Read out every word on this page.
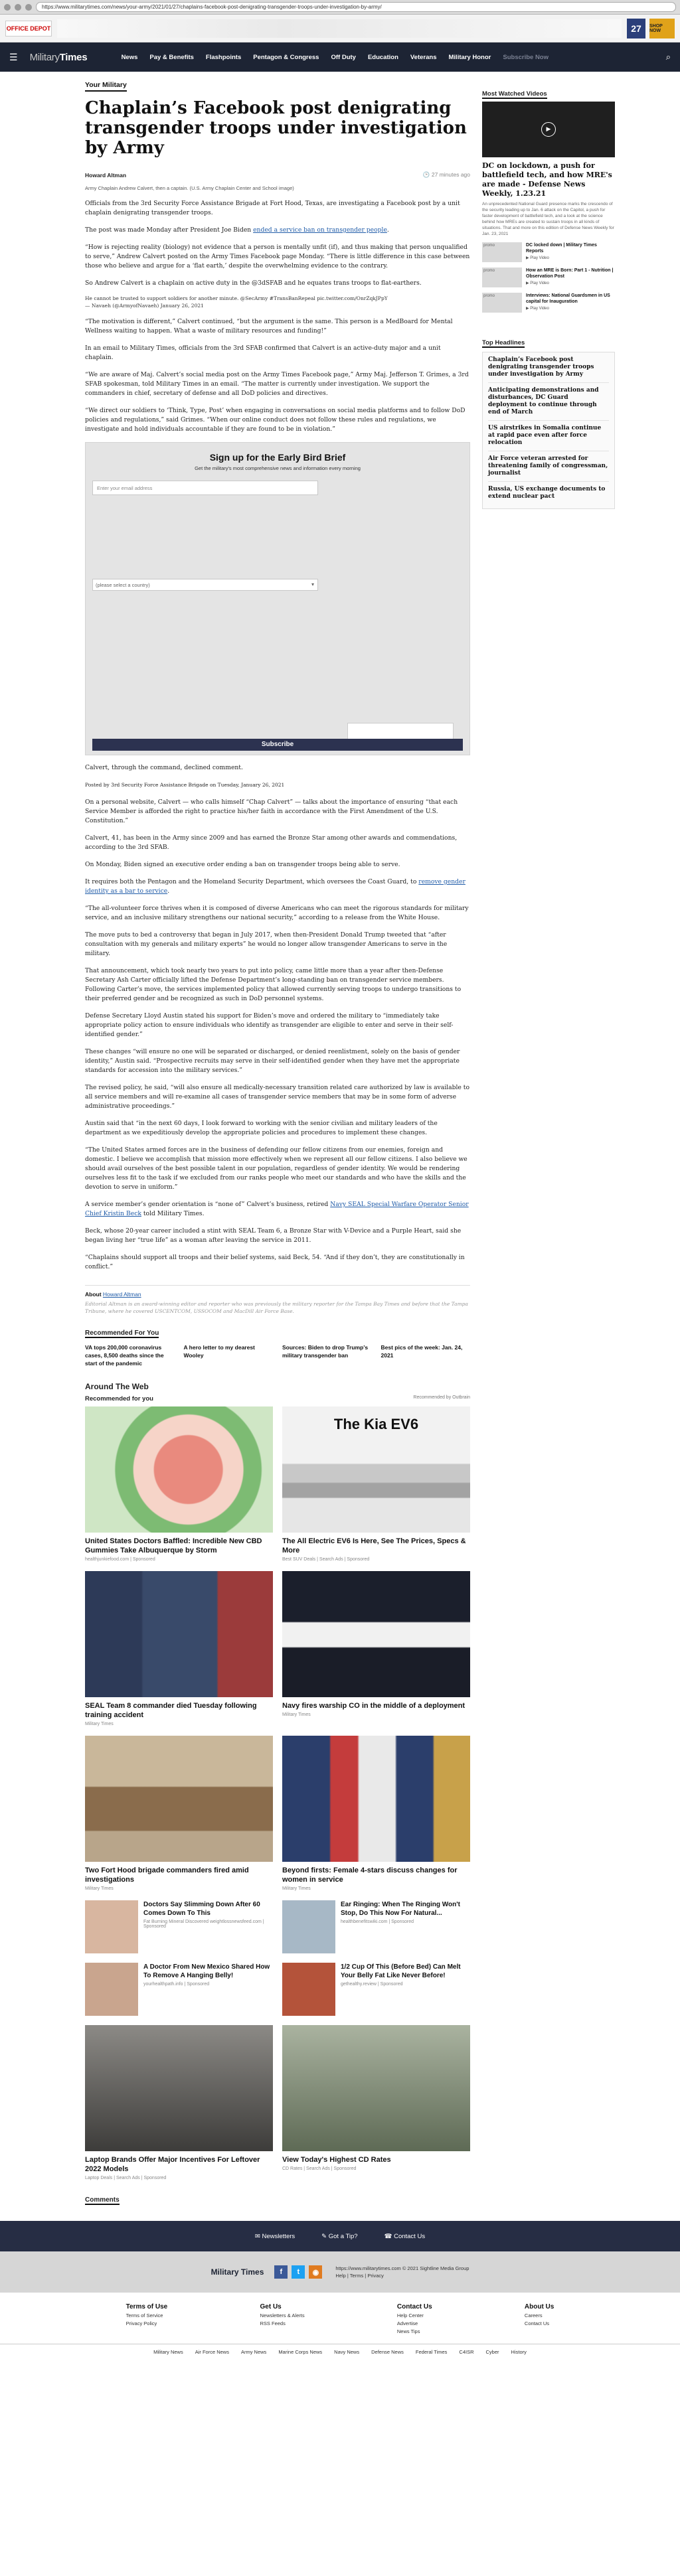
https://www.militarytimes.com/news/your-army/2021/01/27/chaplains-facebook-post-denigrating-transgender-troops-under-investigation-by-army/
OFFICE DEPOT	27	SHOP NOW
☰ MilitaryTimes	News Pay & Benefits Flashpoints Pentagon & Congress Off Duty Education Veterans Military Honor Subscribe Now	⌕
Your Military
Chaplain’s Facebook post denigrating transgender troops under investigation by Army
Howard Altman	🕑 27 minutes ago
Army Chaplain Andrew Calvert, then a captain. (U.S. Army Chaplain Center and School image)

Officials from the 3rd Security Force Assistance Brigade at Fort Hood, Texas, are investigating a Facebook post by a unit chaplain denigrating transgender troops.

The post was made Monday after President Joe Biden ended a service ban on transgender people.

“How is rejecting reality (biology) not evidence that a person is mentally unfit (if), and thus making that person unqualified to serve,” Andrew Calvert posted on the Army Times Facebook page Monday. “There is little difference in this case between those who believe and argue for a ‘flat earth,’ despite the overwhelming evidence to the contrary.

So Andrew Calvert is a chaplain on active duty in the @3dSFAB and he equates trans troops to flat-earthers.

He cannot be trusted to support soldiers for another minute. @SecArmy #TransBanRepeal pic.twitter.com/OnrZqkJPpY
— Navaeh (@ArmyofNavaeh) January 26, 2021

“The motivation is different,” Calvert continued, “but the argument is the same. This person is a MedBoard for Mental Wellness waiting to happen. What a waste of military resources and funding!”

In an email to Military Times, officials from the 3rd SFAB confirmed that Calvert is an active-duty major and a unit chaplain.

“We are aware of Maj. Calvert’s social media post on the Army Times Facebook page,” Army Maj. Jefferson T. Grimes, a 3rd SFAB spokesman, told Military Times in an email. “The matter is currently under investigation. We support the commanders in chief, secretary of defense and all DoD policies and directives.

“We direct our soldiers to ‘Think, Type, Post’ when engaging in conversations on social media platforms and to follow DoD policies and regulations,” said Grimes. “When our online conduct does not follow these rules and regulations, we investigate and hold individuals accountable if they are found to be in violation.”

Sign up for the Early Bird Brief
Get the military's most comprehensive news and information every morning
Enter your email address
(please select a country) ▾
Subscribe

Calvert, through the command, declined comment.

Posted by 3rd Security Force Assistance Brigade on Tuesday, January 26, 2021

On a personal website, Calvert — who calls himself “Chap Calvert” — talks about the importance of ensuring “that each Service Member is afforded the right to practice his/her faith in accordance with the First Amendment of the U.S. Constitution.”

Calvert, 41, has been in the Army since 2009 and has earned the Bronze Star among other awards and commendations, according to the 3rd SFAB.

On Monday, Biden signed an executive order ending a ban on transgender troops being able to serve.

It requires both the Pentagon and the Homeland Security Department, which oversees the Coast Guard, to remove gender identity as a bar to service.

“The all-volunteer force thrives when it is composed of diverse Americans who can meet the rigorous standards for military service, and an inclusive military strengthens our national security,” according to a release from the White House.

The move puts to bed a controversy that began in July 2017, when then-President Donald Trump tweeted that “after consultation with my generals and military experts” he would no longer allow transgender Americans to serve in the military.

That announcement, which took nearly two years to put into policy, came little more than a year after then-Defense Secretary Ash Carter officially lifted the Defense Department’s long-standing ban on transgender service members. Following Carter’s move, the services implemented policy that allowed currently serving troops to undergo transitions to their preferred gender and be recognized as such in DoD personnel systems.

Defense Secretary Lloyd Austin stated his support for Biden’s move and ordered the military to “immediately take appropriate policy action to ensure individuals who identify as transgender are eligible to enter and serve in their self-identified gender.”

These changes “will ensure no one will be separated or discharged, or denied reenlistment, solely on the basis of gender identity,” Austin said. “Prospective recruits may serve in their self-identified gender when they have met the appropriate standards for accession into the military services.”

The revised policy, he said, “will also ensure all medically-necessary transition related care authorized by law is available to all service members and will re-examine all cases of transgender service members that may be in some form of adverse administrative proceedings.”

Austin said that “in the next 60 days, I look forward to working with the senior civilian and military leaders of the department as we expeditiously develop the appropriate policies and procedures to implement these changes.

“The United States armed forces are in the business of defending our fellow citizens from our enemies, foreign and domestic. I believe we accomplish that mission more effectively when we represent all our fellow citizens. I also believe we should avail ourselves of the best possible talent in our population, regardless of gender identity. We would be rendering ourselves less fit to the task if we excluded from our ranks people who meet our standards and who have the skills and the devotion to serve in uniform.”

A service member’s gender orientation is “none of” Calvert’s business, retired Navy SEAL Special Warfare Operator Senior Chief Kristin Beck told Military Times.

Beck, whose 20-year career included a stint with SEAL Team 6, a Bronze Star with V-Device and a Purple Heart, said she began living her “true life” as a woman after leaving the service in 2011.

“Chaplains should support all troops and their belief systems, said Beck, 54. “And if they don’t, they are constitutionally in conflict.”

About Howard Altman
Editorial Altman is an award-winning editor and reporter who was previously the military reporter for the Tampa Bay Times and before that the Tampa Tribune, where he covered USCENTCOM, USSOCOM and MacDill Air Force Base.
Recommended For You
VA tops 200,000 coronavirus cases, 8,500 deaths since the start of the pandemic
A hero letter to my dearest Wooley
Sources: Biden to drop Trump’s military transgender ban
Best pics of the week: Jan. 24, 2021
Around The Web
Recommended for you	Recommended by Outbrain
United States Doctors Baffled: Incredible New CBD Gummies Take Albuquerque by Storm
healthjunkiefood.com | Sponsored
The Kia EV6
The All Electric EV6 Is Here, See The Prices, Specs & More
Best SUV Deals | Search Ads | Sponsored
SEAL Team 8 commander died Tuesday following training accident
Military Times
Navy fires warship CO in the middle of a deployment
Military Times
Two Fort Hood brigade commanders fired amid investigations
Military Times
Beyond firsts: Female 4-stars discuss changes for women in service
Military Times
Doctors Say Slimming Down After 60 Comes Down To This
Fat Burning Mineral Discovered weightlossnewsfeed.com | Sponsored
Ear Ringing: When The Ringing Won't Stop, Do This Now For Natural...
healthbenefitswiki.com | Sponsored
A Doctor From New Mexico Shared How To Remove A Hanging Belly!
yourhealthpath.info | Sponsored
1/2 Cup Of This (Before Bed) Can Melt Your Belly Fat Like Never Before!
gethealthy.review | Sponsored
Laptop Brands Offer Major Incentives For Leftover 2022 Models
Laptop Deals | Search Ads | Sponsored
View Today's Highest CD Rates
CD Rates | Search Ads | Sponsored
Comments
Most Watched Videos
▶
DC on lockdown, a push for battlefield tech, and how MRE's are made - Defense News Weekly, 1.23.21
An unprecedented National Guard presence marks the crescendo of the security leading up to Jan. 6 attack on the Capitol, a push for faster development of battlefield tech, and a look at the science behind how MREs are created to sustain troops in all kinds of situations. That and more on this edition of Defense News Weekly for Jan. 23, 2021
promo	DC locked down | Military Times Reports
▶ Play Video
promo	How an MRE is Born: Part 1 - Nutrition | Observation Post
▶ Play Video
promo	Interviews: National Guardsmen in US capital for Inauguration
▶ Play Video
Top Headlines
Chaplain’s Facebook post denigrating transgender troops under investigation by Army
Anticipating demonstrations and disturbances, DC Guard deployment to continue through end of March
US airstrikes in Somalia continue at rapid pace even after force relocation
Air Force veteran arrested for threatening family of congressman, journalist
Russia, US exchange documents to extend nuclear pact
✉ Newsletters	✎ Got a Tip?	☎ Contact Us
Military Times	f	t	◉	https://www.militarytimes.com © 2021 Sightline Media Group
Help | Terms | Privacy
Terms of Use
Terms of Service
Privacy Policy
Get Us
Newsletters & Alerts
RSS Feeds
Contact Us
Help Center
Advertise
News Tips
About Us
Careers
Contact Us
Military News Air Force News Army News Marine Corps News Navy News Defense News Federal Times C4ISR Cyber History
